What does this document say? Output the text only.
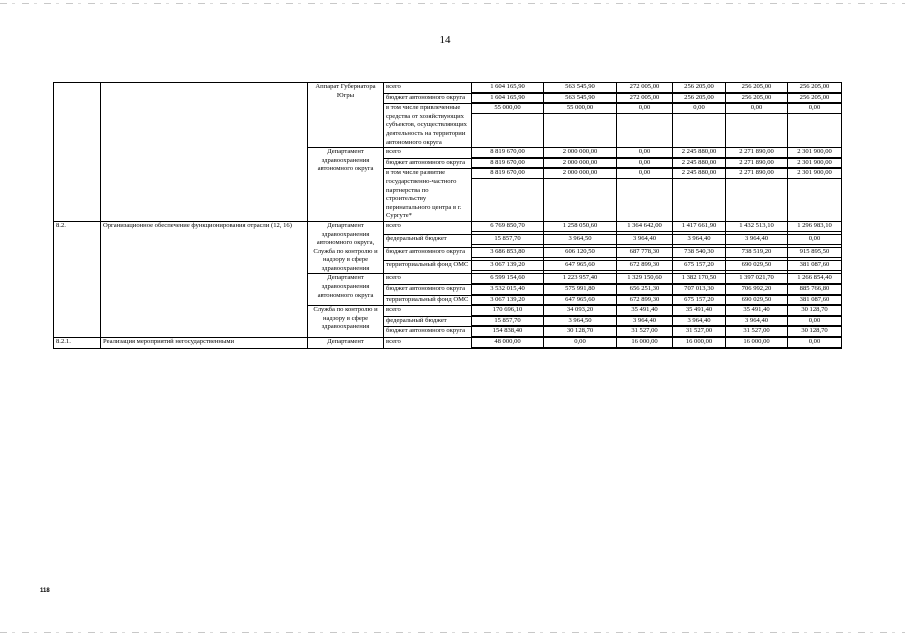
14
		Аппарат Губернатора Югры	всего	1 604 165,90	563 545,90	272 005,00	256 205,00	256 205,00	256 205,00

			бюджет автономного округа	1 604 165,90	563 545,90	272 005,00	256 205,00	256 205,00	256 205,00

			в том числе привлеченные средства от хозяйствующих субъектов, осуществляющих деятельность на территории автономного округа	55 000,00	55 000,00	0,00	0,00	0,00	0,00

		Департамент здравоохранения автономного округа	всего	8 819 670,00	2 000 000,00	0,00	2 245 880,00	2 271 890,00	2 301 900,00

			бюджет автономного округа	8 819 670,00	2 000 000,00	0,00	2 245 880,00	2 271 890,00	2 301 900,00

			в том числе развитие государственно-частного партнерства по строительству перинатального центра в г. Сургуте*	8 819 670,00	2 000 000,00	0,00	2 245 880,00	2 271 890,00	2 301 900,00

8.2.	Организационное обеспечение функционирования отрасли (12, 16)	Департамент здравоохранения автономного округа, Служба по контролю и надзору в сфере здравоохранения	всего	6 769 850,70	1 258 050,60	1 364 642,00	1 417 661,90	1 432 513,10	1 296 983,10

			федеральный бюджет	15 857,70	3 964,50	3 964,40	3 964,40	3 964,40	0,00

			бюджет автономного округа	3 686 853,80	606 120,50	687 778,30	738 540,30	738 519,20	915 895,50

			территориальный фонд ОМС	3 067 139,20	647 965,60	672 899,30	675 157,20	690 029,50	381 087,60

		Департамент здравоохранения автономного округа	всего	6 599 154,60	1 223 957,40	1 329 150,60	1 382 170,50	1 397 021,70	1 266 854,40

			бюджет автономного округа	3 532 015,40	575 991,80	656 251,30	707 013,30	706 992,20	885 766,80

			территориальный фонд ОМС	3 067 139,20	647 965,60	672 899,30	675 157,20	690 029,50	381 087,60

		Служба по контролю и надзору в сфере здравоохранения	всего	170 696,10	34 093,20	35 491,40	35 491,40	35 491,40	30 128,70

			федеральный бюджет	15 857,70	3 964,50	3 964,40	3 964,40	3 964,40	0,00

			бюджет автономного округа	154 838,40	30 128,70	31 527,00	31 527,00	31 527,00	30 128,70

8.2.1.	Реализация мероприятий негосударственными	Департамент	всего	48 000,00	0,00	16 000,00	16 000,00	16 000,00	0,00
118
